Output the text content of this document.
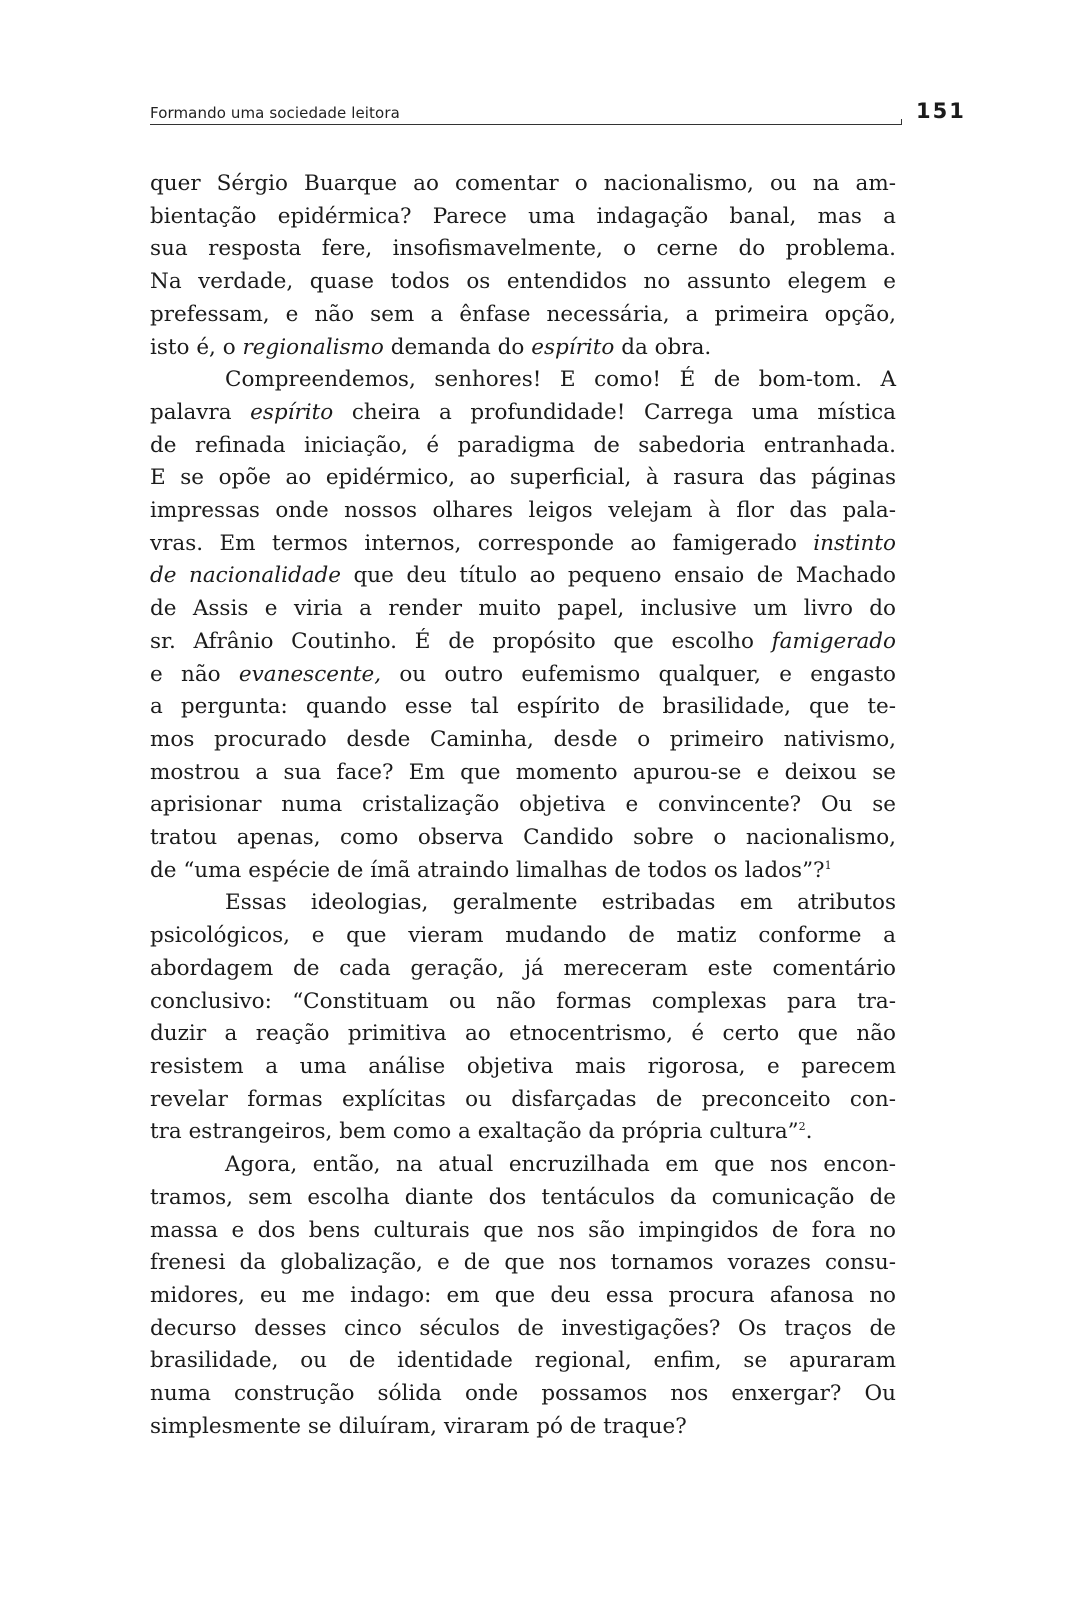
Formando uma sociedade leitora	151
quer Sérgio Buarque ao comentar o nacionalismo, ou na am-
bientação epidérmica? Parece uma indagação banal, mas a
sua resposta fere, insofismavelmente, o cerne do problema.
Na verdade, quase todos os entendidos no assunto elegem e
prefessam, e não sem a ênfase necessária, a primeira opção,
isto é, o regionalismo demanda do espírito da obra.
Compreendemos, senhores! E como! É de bom-tom. A
palavra espírito cheira a profundidade! Carrega uma mística
de refinada iniciação, é paradigma de sabedoria entranhada.
E se opõe ao epidérmico, ao superficial, à rasura das páginas
impressas onde nossos olhares leigos velejam à flor das pala-
vras. Em termos internos, corresponde ao famigerado instinto
de nacionalidade que deu título ao pequeno ensaio de Machado
de Assis e viria a render muito papel, inclusive um livro do
sr. Afrânio Coutinho. É de propósito que escolho famigerado
e não evanescente, ou outro eufemismo qualquer, e engasto
a pergunta: quando esse tal espírito de brasilidade, que te-
mos procurado desde Caminha, desde o primeiro nativismo,
mostrou a sua face? Em que momento apurou-se e deixou se
aprisionar numa cristalização objetiva e convincente? Ou se
tratou apenas, como observa Candido sobre o nacionalismo,
de “uma espécie de ímã atraindo limalhas de todos os lados”?$^1$
Essas ideologias, geralmente estribadas em atributos
psicológicos, e que vieram mudando de matiz conforme a
abordagem de cada geração, já mereceram este comentário
conclusivo: “Constituam ou não formas complexas para tra-
duzir a reação primitiva ao etnocentrismo, é certo que não
resistem a uma análise objetiva mais rigorosa, e parecem
revelar formas explícitas ou disfarçadas de preconceito con-
tra estrangeiros, bem como a exaltação da própria cultura”$^2$.
Agora, então, na atual encruzilhada em que nos encon-
tramos, sem escolha diante dos tentáculos da comunicação de
massa e dos bens culturais que nos são impingidos de fora no
frenesi da globalização, e de que nos tornamos vorazes consu-
midores, eu me indago: em que deu essa procura afanosa no
decurso desses cinco séculos de investigações? Os traços de
brasilidade, ou de identidade regional, enfim, se apuraram
numa construção sólida onde possamos nos enxergar? Ou
simplesmente se diluíram, viraram pó de traque?
